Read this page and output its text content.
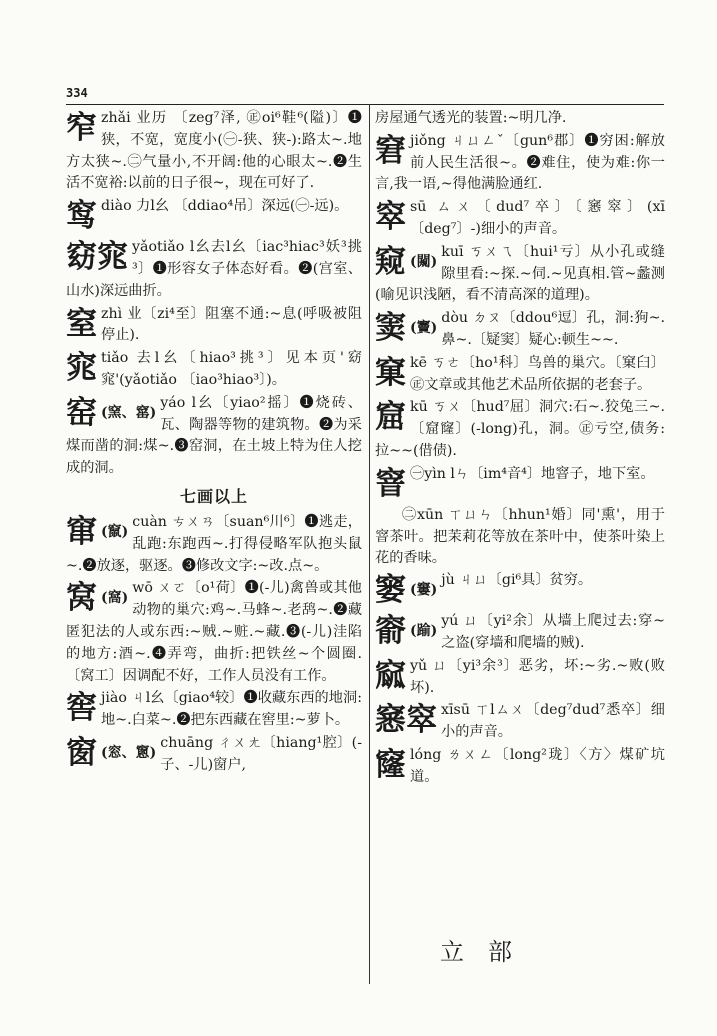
334
窄zhǎi 业历 〔zeg⁷泽, ㊣oi⁶鞋⁶(隘)〕❶狭，不宽，宽度小(㊀-狭、狭-):路太~.地方太狭~.㊁气量小,不开阔:他的心眼太~.❷生活不宽裕:以前的日子很~，现在可好了.
窎diào 力l幺 〔ddiao⁴吊〕深远(㊀-远)。
窈窕 yǎotiǎo l幺去l幺〔iac³hiac³妖³挑³〕❶形容女子体态好看。❷(宫室、山水)深远曲折。
窒zhì 业〔zi⁴至〕阻塞不通:~息(呼吸被阻停止).
窕tiǎo 去l幺〔hiao³挑³〕见本页'窈窕'(yǎotiǎo 〔iao³hiao³〕)。
窑 (窯、窰)
yáo l幺〔yiao²摇〕❶烧砖、瓦、陶器等物的建筑物。❷为采煤而凿的洞:煤~.❸窑洞，在土坡上特为住人挖成的洞。
七画以上
窜 (竄)
cuàn ㄘㄨㄢ〔suan⁶川⁶〕❶逃走，乱跑:东跑西~.打得侵略军队抱头鼠~.❷放逐，驱逐。❸修改文字:~改.点~。
窝 (窩)
wō ㄨㄛ〔o¹荷〕❶(-儿)禽兽或其他动物的巢穴:鸡~.马蜂~.老鸹~.❷藏匿犯法的人或东西:~贼.~赃.~藏.❸(-儿)洼陷的地方:酒~.❹弄弯，曲折:把铁丝~个圆圈.〔窝工〕因调配不好，工作人员没有工作。
窖jiào ㄐl幺〔giao⁴较〕❶收藏东西的地洞:地~.白菜~.❷把东西藏在窖里:~萝卜。
窗 (窓、窻)
chuāng ㄔㄨㄤ〔hiang¹腔〕(-子、-儿)窗户,
房屋通气透光的装置:~明几净.
窘jiǒng ㄐㄩㄥˇ〔gun⁶郡〕❶穷困:解放前人民生活很~。❷难住，使为难:你一言,我一语,~得他满脸通红.
窣sū ㄙㄨ〔dud⁷卒〕〔窸窣〕(xī〔deg⁷〕-)细小的声音。
窥 (闚)
kuī ㄎㄨㄟ〔hui¹亏〕从小孔或缝隙里看:~探.~伺.~见真相.管~蠡测(喻见识浅陋，看不清高深的道理)。
窦 (竇)
dòu ㄉㄡ〔ddou⁶逗〕孔，洞:狗~.鼻~.〔疑窦〕疑心:顿生~~.
窠kē ㄎㄜ〔ho¹科〕鸟兽的巢穴。〔窠臼〕㊣文章或其他艺术品所依据的老套子。
窟kū ㄎㄨ〔hud⁷屈〕洞穴:石~.狡兔三~.〔窟窿〕(-long)孔，洞。㊣亏空,债务:拉~~(借债).
窨 ㊀yìn lㄣ〔im⁴音⁴〕地窨子，地下室。
㊁xūn ㄒㄩㄣ〔hhun¹婚〕同'熏'，用于窨茶叶。把茉莉花等放在茶叶中，使茶叶染上花的香味。
窭 (窶)
jù ㄐㄩ〔gi⁶具〕贫穷。
窬 (踰)
yú ㄩ〔yi²余〕从墙上爬过去:穿~之盗(穿墙和爬墙的贼).
窳yǔ ㄩ〔yi³余³〕恶劣，坏:~劣.~败(败坏).
窸窣 xīsū ㄒlㄙㄨ〔deg⁷dud⁷悉卒〕细小的声音。
窿lóng ㄌㄨㄥ〔long²珑〕〈方〉煤矿坑道。
立部
